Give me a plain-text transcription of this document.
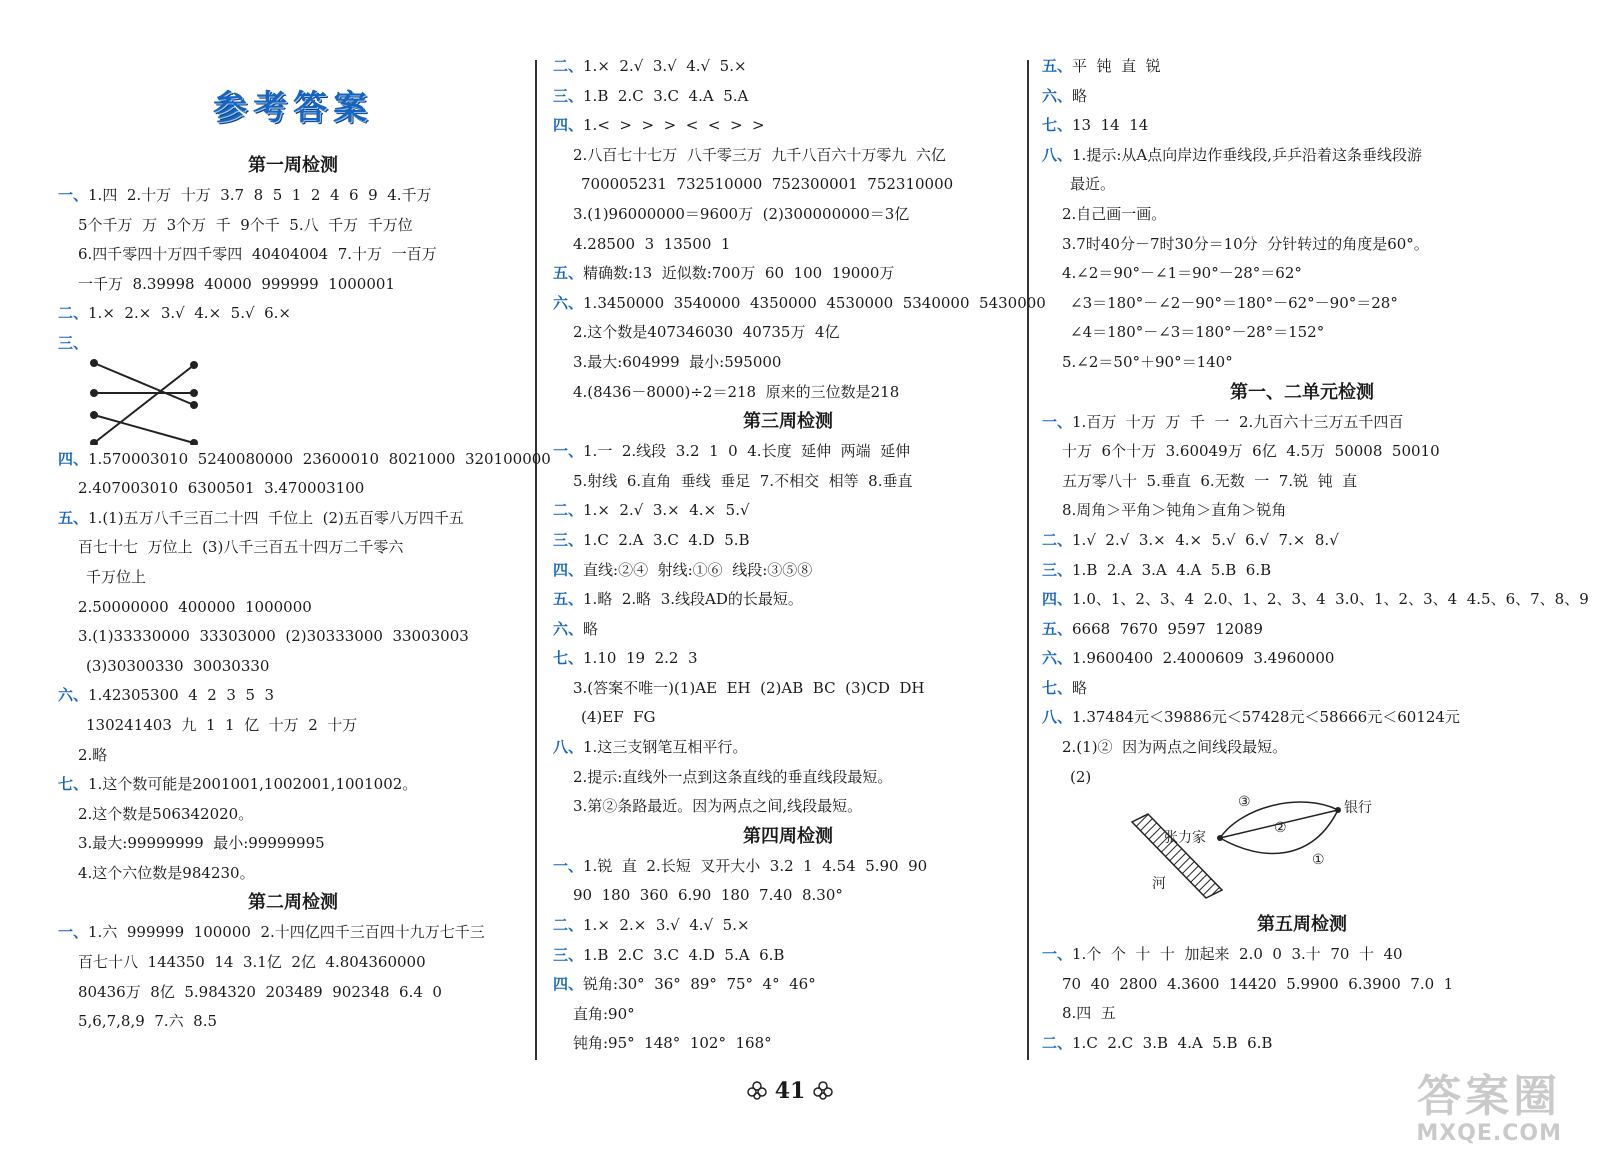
参考答案
第一周检测
一、1.四  2.十万  十万  3.7  8  5  1  2  4  6  9  4.千万
5个千万  万  3个万  千  9个千  5.八  千万  千万位
6.四千零四十万四千零四  40404004  7.十万  一百万
一千万  8.39998  40000  999999  1000001
二、1.×  2.×  3.√  4.×  5.√  6.×
三、
四、1.570003010  5240080000  23600010  8021000  320100000
2.407003010  6300501  3.470003100
五、1.(1)五万八千三百二十四  千位上  (2)五百零八万四千五
百七十七  万位上  (3)八千三百五十四万二千零六
千万位上
2.50000000  400000  1000000
3.(1)33330000  33303000  (2)30333000  33003003
(3)30300330  30030330
六、1.42305300  4  2  3  5  3
130241403  九  1  1  亿  十万  2  十万
2.略
七、1.这个数可能是2001001,1002001,1001002。
2.这个数是506342020。
3.最大:99999999  最小:99999995
4.这个六位数是984230。
第二周检测
一、1.六  999999  100000  2.十四亿四千三百四十九万七千三
百七十八  144350  14  3.1亿  2亿  4.804360000
80436万  8亿  5.984320  203489  902348  6.4  0
5,6,7,8,9  7.六  8.5
二、1.×  2.√  3.√  4.√  5.×
三、1.B  2.C  3.C  4.A  5.A
四、1.<  >  >  >  <  <  >  >
2.八百七十七万  八千零三万  九千八百六十万零九  六亿
700005231  732510000  752300001  752310000
3.(1)96000000＝9600万  (2)300000000＝3亿
4.28500  3  13500  1
五、精确数:13  近似数:700万  60  100  19000万
六、1.3450000  3540000  4350000  4530000  5340000  5430000
2.这个数是407346030  40735万  4亿
3.最大:604999  最小:595000
4.(8436－8000)÷2＝218  原来的三位数是218
第三周检测
一、1.一  2.线段  3.2  1  0  4.长度  延伸  两端  延伸
5.射线  6.直角  垂线  垂足  7.不相交  相等  8.垂直
二、1.×  2.√  3.×  4.×  5.√
三、1.C  2.A  3.C  4.D  5.B
四、直线:②④  射线:①⑥  线段:③⑤⑧
五、1.略  2.略  3.线段AD的长最短。
六、略
七、1.10  19  2.2  3
3.(答案不唯一)(1)AE  EH  (2)AB  BC  (3)CD  DH
(4)EF  FG
八、1.这三支钢笔互相平行。
2.提示:直线外一点到这条直线的垂直线段最短。
3.第②条路最近。因为两点之间,线段最短。
第四周检测
一、1.锐  直  2.长短  叉开大小  3.2  1  4.54  5.90  90
90  180  360  6.90  180  7.40  8.30°
二、1.×  2.×  3.√  4.√  5.×
三、1.B  2.C  3.C  4.D  5.A  6.B
四、锐角:30°  36°  89°  75°  4°  46°
直角:90°
钝角:95°  148°  102°  168°
五、平  钝  直  锐
六、略
七、13  14  14
八、1.提示:从A点向岸边作垂线段,乒乒沿着这条垂线段游
最近。
2.自己画一画。
3.7时40分－7时30分＝10分  分针转过的角度是60°。
4.∠2＝90°－∠1＝90°－28°＝62°
∠3＝180°－∠2－90°＝180°－62°－90°＝28°
∠4＝180°－∠3＝180°－28°＝152°
5.∠2＝50°＋90°＝140°
第一、二单元检测
一、1.百万  十万  万  千  一  2.九百六十三万五千四百
十万  6个十万  3.60049万  6亿  4.5万  50008  50010
五万零八十  5.垂直  6.无数  一  7.锐  钝  直
8.周角＞平角＞钝角＞直角＞锐角
二、1.√  2.√  3.×  4.×  5.√  6.√  7.×  8.√
三、1.B  2.A  3.A  4.A  5.B  6.B
四、1.0、1、2、3、4  2.0、1、2、3、4  3.0、1、2、3、4  4.5、6、7、8、9
五、6668  7670  9597  12089
六、1.9600400  2.4000609  3.4960000
七、略
八、1.37484元＜39886元＜57428元＜58666元＜60124元
2.(1)②  因为两点之间线段最短。
(2)
河
张力家
银行
③
②
①
第五周检测
一、1.个  个  十  十  加起来  2.0  0  3.十  70  十  40
70  40  2800  4.3600  14420  5.9900  6.3900  7.0  1
8.四  五
二、1.C  2.C  3.B  4.A  5.B  6.B
41	答案圈
MXQE.COM
